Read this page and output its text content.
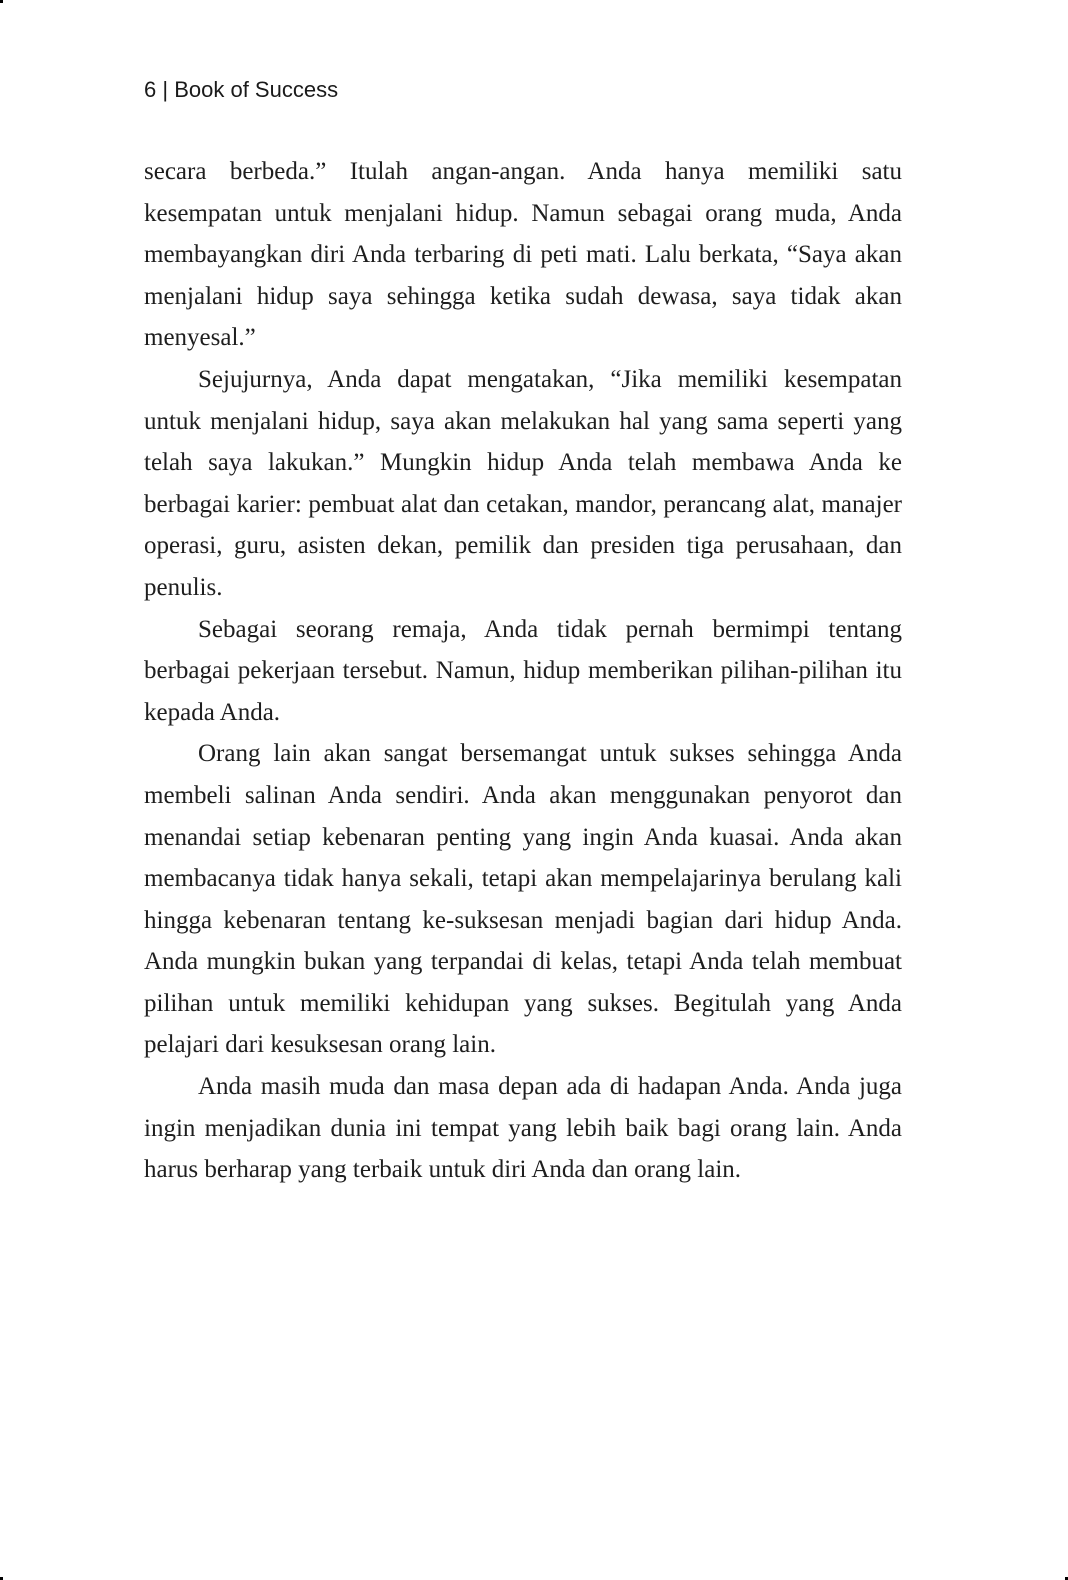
6 | Book of Success

secara berbeda.” Itulah angan-angan. Anda hanya memiliki satu kesempatan untuk menjalani hidup. Namun sebagai orang muda, Anda membayangkan diri Anda terbaring di peti mati. Lalu berkata, “Saya akan menjalani hidup saya sehingga ketika sudah dewasa, saya tidak akan menyesal.”

Sejujurnya, Anda dapat mengatakan, “Jika memiliki kesempatan untuk menjalani hidup, saya akan melakukan hal yang sama seperti yang telah saya lakukan.” Mungkin hidup Anda telah membawa Anda ke berbagai karier: pembuat alat dan cetakan, mandor, perancang alat, manajer operasi, guru, asisten dekan, pemilik dan presiden tiga perusahaan, dan penulis.

Sebagai seorang remaja, Anda tidak pernah bermimpi tentang berbagai pekerjaan tersebut. Namun, hidup memberikan pilihan-pilihan itu kepada Anda.

Orang lain akan sangat bersemangat untuk sukses sehingga Anda membeli salinan Anda sendiri. Anda akan menggunakan penyorot dan menandai setiap kebenaran penting yang ingin Anda kuasai. Anda akan membacanya tidak hanya sekali, tetapi akan mempelajarinya berulang kali hingga kebenaran tentang ke-suksesan menjadi bagian dari hidup Anda. Anda mungkin bukan yang terpandai di kelas, tetapi Anda telah membuat pilihan untuk memiliki kehidupan yang sukses. Begitulah yang Anda pelajari dari kesuksesan orang lain.

Anda masih muda dan masa depan ada di hadapan Anda. Anda juga ingin menjadikan dunia ini tempat yang lebih baik bagi orang lain. Anda harus berharap yang terbaik untuk diri Anda dan orang lain.
